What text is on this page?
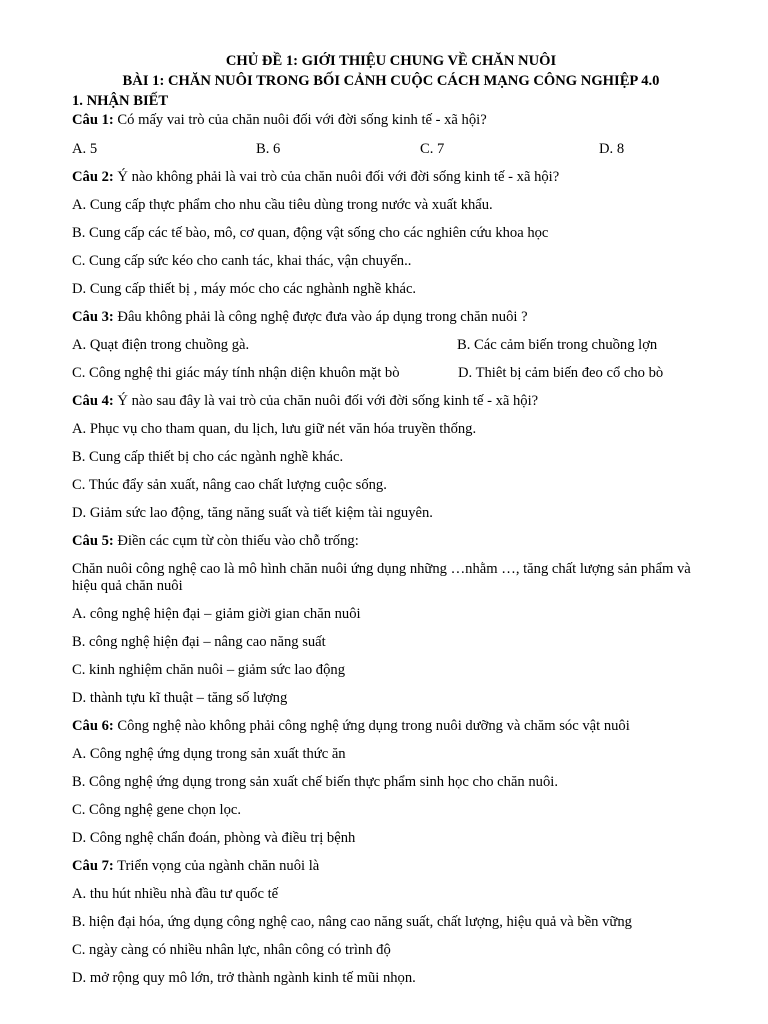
CHỦ ĐỀ 1: GIỚI THIỆU CHUNG VỀ CHĂN NUÔI

BÀI 1: CHĂN NUÔI TRONG BỐI CẢNH CUỘC CÁCH MẠNG CÔNG NGHIỆP 4.0

1. NHẬN BIẾT

Câu 1: Có mấy vai trò của chăn nuôi đối với đời sống kinh tế - xã hội?

A. 5	B. 6	C. 7	D. 8

Câu 2: Ý nào không phải là vai trò của chăn nuôi đối với đời sống kinh tế - xã hội?

A. Cung cấp thực phẩm cho nhu cầu tiêu dùng trong nước và xuất khẩu.

B. Cung cấp các tế bào, mô, cơ quan, động vật sống cho các nghiên cứu khoa học

C. Cung cấp sức kéo cho canh tác, khai thác, vận chuyển..

D. Cung cấp thiết bị , máy móc cho các nghành nghề khác.

Câu 3: Đâu không phải là công nghệ được đưa vào áp dụng trong chăn nuôi ?

A. Quạt điện trong chuồng gà.	B. Các cảm biến trong chuồng lợn
C. Công nghệ thi giác máy tính nhận diện khuôn mặt bò	D. Thiêt bị cảm biến đeo cổ cho bò

Câu 4: Ý nào sau đây là vai trò của chăn nuôi đối với đời sống kinh tế - xã hội?

A. Phục vụ cho tham quan, du lịch, lưu giữ nét văn hóa truyền thống.

B. Cung cấp thiết bị cho các ngành nghề khác.

C. Thúc đẩy sản xuất, nâng cao chất lượng cuộc sống.

D. Giảm sức lao động, tăng năng suất và tiết kiệm tài nguyên.

Câu 5: Điền các cụm từ còn thiếu vào chỗ trống:

Chăn nuôi công nghệ cao là mô hình chăn nuôi ứng dụng những …nhằm …, tăng chất lượng sản phẩm và

hiệu quả chăn nuôi

A. công nghệ hiện đại – giảm giời gian chăn nuôi

B. công nghệ hiện đại – nâng cao năng suất

C. kinh nghiệm chăn nuôi – giảm sức lao động

D. thành tựu kĩ thuật – tăng số lượng

Câu 6: Công nghệ nào không phải công nghệ ứng dụng trong nuôi dưỡng và chăm sóc vật nuôi

A. Công nghệ ứng dụng trong sản xuất thức ăn

B. Công nghệ ứng dụng trong sản xuất chế biến thực phẩm sinh học cho chăn nuôi.

C. Công nghệ gene chọn lọc.

D. Công nghệ chẩn đoán, phòng và điều trị bệnh

Câu 7: Triển vọng của ngành chăn nuôi là

A. thu hút nhiều nhà đầu tư quốc tế

B. hiện đại hóa, ứng dụng công nghệ cao, nâng cao năng suất, chất lượng, hiệu quả và bền vững

C. ngày càng có nhiều nhân lực, nhân công có trình độ

D. mở rộng quy mô lớn, trở thành ngành kinh tế mũi nhọn.
